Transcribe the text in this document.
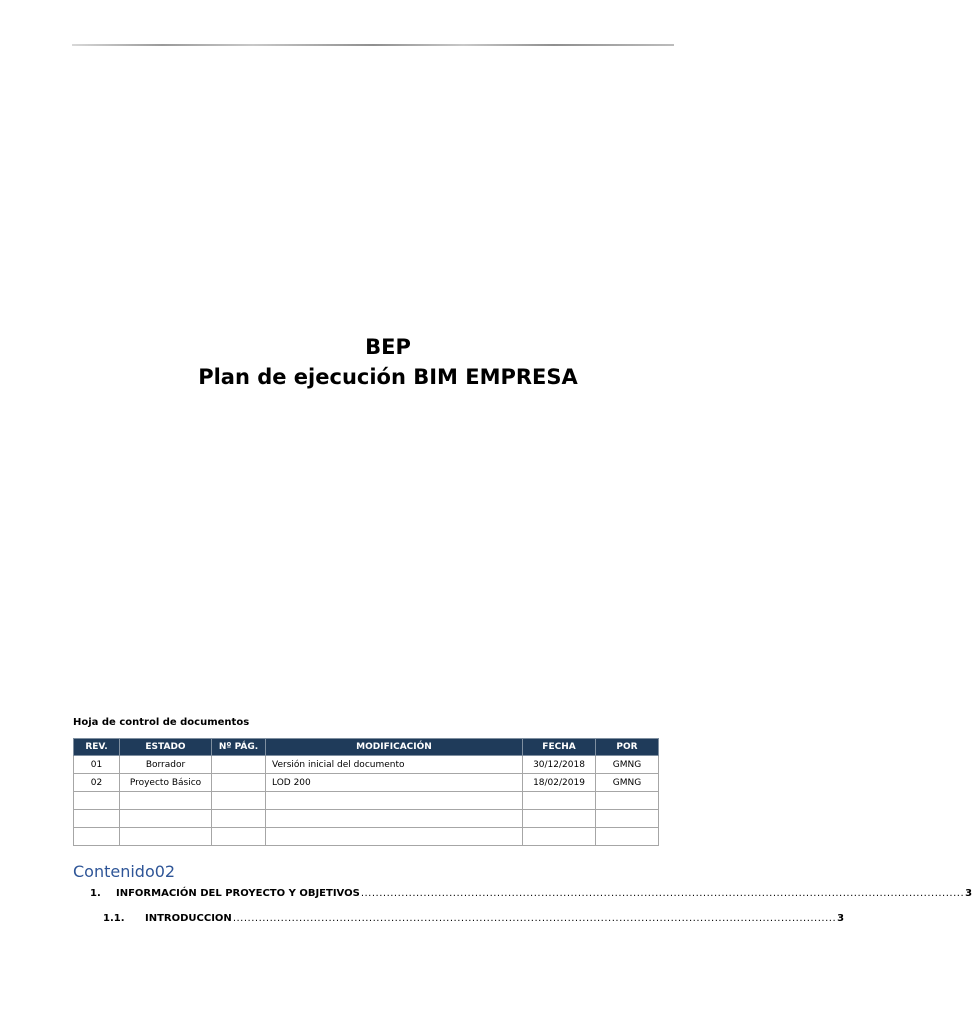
BEP
Plan de ejecución BIM EMPRESA
Hoja de control de documentos
REV.	ESTADO	Nº PÁG.	MODIFICACIÓN	FECHA	POR
01	Borrador		Versión inicial del documento	30/12/2018	GMNG
02	Proyecto Básico		LOD 200	18/02/2019	GMNG

Contenido02
1.	INFORMACIÓN DEL PROYECTO Y OBJETIVOS .................................................................................................................................................................... 3
1.1.	INTRODUCCION .................................................................................................................................................................... 3
